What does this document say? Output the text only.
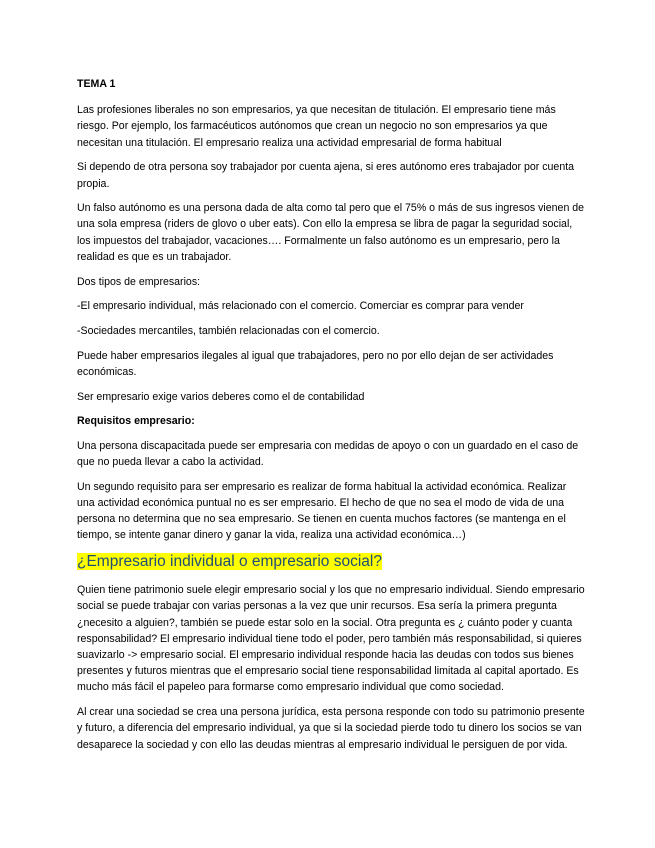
TEMA 1

Las profesiones liberales no son empresarios, ya que necesitan de titulación. El empresario tiene más riesgo. Por ejemplo, los farmacéuticos autónomos que crean un negocio no son empresarios ya que necesitan una titulación. El empresario realiza una actividad empresarial de forma habitual

Si dependo de otra persona soy trabajador por cuenta ajena, si eres autónomo eres trabajador por cuenta propia.

Un falso autónomo es una persona dada de alta como tal pero que el 75% o más de sus ingresos vienen de una sola empresa (riders de glovo o uber eats). Con ello la empresa se libra de pagar la seguridad social, los impuestos del trabajador, vacaciones…. Formalmente un falso autónomo es un empresario, pero la realidad es que es un trabajador.

Dos tipos de empresarios:

-El empresario individual, más relacionado con el comercio. Comerciar es comprar para vender

-Sociedades mercantiles, también relacionadas con el comercio.

Puede haber empresarios ilegales al igual que trabajadores, pero no por ello dejan de ser actividades económicas.

Ser empresario exige varios deberes como el de contabilidad

Requisitos empresario:

Una persona discapacitada puede ser empresaria con medidas de apoyo o con un guardado en el caso de que no pueda llevar a cabo la actividad.

Un segundo requisito para ser empresario es realizar de forma habitual la actividad económica. Realizar una actividad económica puntual no es ser empresario. El hecho de que no sea el modo de vida de una persona no determina que no sea empresario. Se tienen en cuenta muchos factores (se mantenga en el tiempo, se intente ganar dinero y ganar la vida, realiza una actividad económica…)

¿Empresario individual o empresario social?

Quien tiene patrimonio suele elegir empresario social y los que no empresario individual. Siendo empresario social se puede trabajar con varias personas a la vez que unir recursos. Esa sería la primera pregunta ¿necesito a alguien?, también se puede estar solo en la social. Otra pregunta es ¿ cuánto poder y cuanta responsabilidad? El empresario individual tiene todo el poder, pero también más responsabilidad, si quieres suavizarlo -> empresario social. El empresario individual responde hacia las deudas con todos sus bienes presentes y futuros mientras que el empresario social tiene responsabilidad limitada al capital aportado. Es mucho más fácil el papeleo para formarse como empresario individual que como sociedad.

Al crear una sociedad se crea una persona jurídica, esta persona responde con todo su patrimonio presente y futuro, a diferencia del empresario individual, ya que si la sociedad pierde todo tu dinero los socios se van desaparece la sociedad y con ello las deudas mientras al empresario individual le persiguen de por vida.
